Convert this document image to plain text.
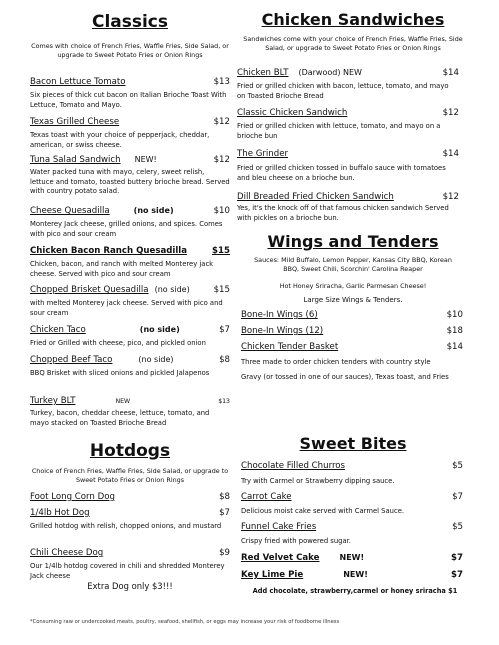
Classics
Comes with choice of French Fries, Waffle Fries, Side Salad, or upgrade to Sweet Potato Fries or Onion Rings
Bacon Lettuce Tomato	$13
Six pieces of thick cut bacon on Italian Brioche Toast With Lettuce, Tomato and Mayo.
Texas Grilled Cheese	$12
Texas toast with your choice of pepperjack, cheddar, american, or swiss cheese.
Tuna Salad Sandwich NEW!	$12
Water packed tuna with mayo, celery, sweet relish, lettuce and tomato, toasted buttery brioche bread. Served with country potato salad.
Cheese Quesadilla	(no side)	$10
Monterey Jack cheese, grilled onions, and spices. Comes with pico and sour cream
Chicken Bacon Ranch Quesadilla	$15
Chicken, bacon, and ranch with melted Monterey jack cheese. Served with pico and sour cream
Chopped Brisket Quesadilla (no side)	$15
with melted Monterey jack cheese. Served with pico and sour cream
Chicken Taco	(no side)	$7
Fried or Grilled with cheese, pico, and pickled onion
Chopped Beef Taco	(no side)	$8
BBQ Brisket with sliced onions and pickled Jalapenos
Turkey BLT	NEW	$13
Turkey, bacon, cheddar cheese, lettuce, tomato, and mayo stacked on Toasted Brioche Bread
Hotdogs
Choice of French Fries, Waffle Fries, Side Salad, or upgrade to Sweet Potato Fries or Onion Rings
Foot Long Corn Dog	$8
1/4lb Hot Dog	$7
Grilled hotdog with relish, chopped onions, and mustard
Chili Cheese Dog	$9
Our 1/4lb hotdog covered in chili and shredded Monterey Jack cheese
Extra Dog only $3!!!
Chicken Sandwiches
Sandwiches come with your choice of French Fries, Waffle Fries, Side Salad, or upgrade to Sweet Potato Fries or Onion Rings
Chicken BLT (Darwood) NEW	$14
Fried or grilled chicken with bacon, lettuce, tomato, and mayo on Toasted Brioche Bread
Classic Chicken Sandwich	$12
Fried or grilled chicken with lettuce, tomato, and mayo on a brioche bun
The Grinder	$14
Fried or grilled chicken tossed in buffalo sauce with tomatoes and bleu cheese on a brioche bun.
Dill Breaded Fried Chicken Sandwich	$12
Yes, it's the knock off of that famous chicken sandwich Served with pickles on a brioche bun.
Wings and Tenders
Sauces: Mild Buffalo, Lemon Pepper, Kansas City BBQ, Korean BBQ, Sweet Chili, Scorchin' Carolina Reaper
Hot Honey Sriracha, Garlic Parmesan Cheese!
Large Size Wings & Tenders.
Bone-In Wings (6)	$10
Bone-In Wings (12)	$18
Chicken Tender Basket	$14
Three made to order chicken tenders with country style
Gravy (or tossed in one of our sauces), Texas toast, and Fries
Sweet Bites
Chocolate Filled Churros	$5
Try with Carmel or Strawberry dipping sauce.
Carrot Cake	$7
Delicious moist cake served with Carmel Sauce.
Funnel Cake Fries	$5
Crispy fried with powered sugar.
Red Velvet Cake	NEW!	$7
Key Lime Pie	NEW!	$7
Add chocolate, strawberry,carmel or honey sriracha $1
*Consuming raw or undercooked meats, poultry, seafood, shellfish, or eggs may increase your risk of foodborne illness
